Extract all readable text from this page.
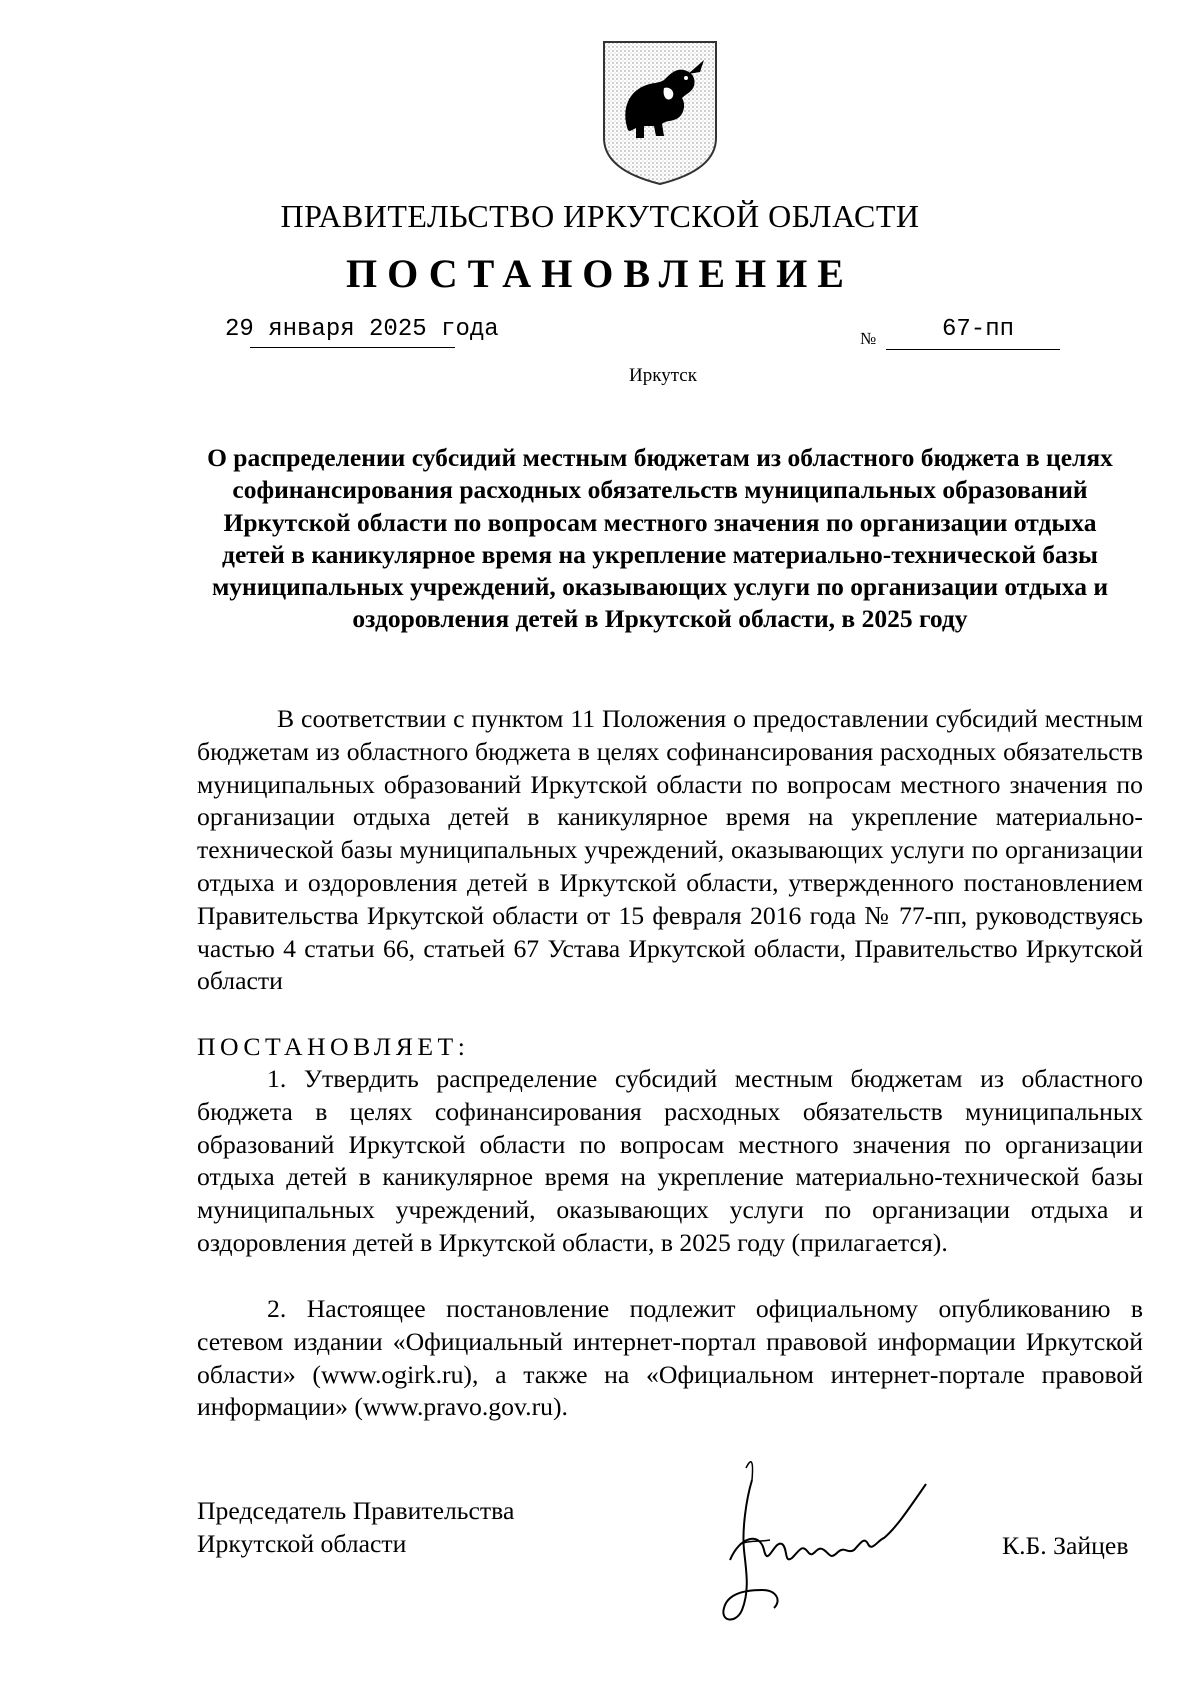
ПРАВИТЕЛЬСТВО ИРКУТСКОЙ ОБЛАСТИ
ПОСТАНОВЛЕНИЕ
29 января 2025 года	№	67-пп
Иркутск

О распределении субсидий местным бюджетам из областного бюджета в целях софинансирования расходных обязательств муниципальных образований Иркутской области по вопросам местного значения по организации отдыха детей в каникулярное время на укрепление материально-технической базы муниципальных учреждений, оказывающих услуги по организации отдыха и оздоровления детей в Иркутской области, в 2025 году

В соответствии с пунктом 11 Положения о предоставлении субсидий местным бюджетам из областного бюджета в целях софинансирования расходных обязательств муниципальных образований Иркутской области по вопросам местного значения по организации отдыха детей в каникулярное время на укрепление материально-технической базы муниципальных учреждений, оказывающих услуги по организации отдыха и оздоровления детей в Иркутской области, утвержденного постановлением Правительства Иркутской области от 15 февраля 2016 года № 77-пп, руководствуясь частью 4 статьи 66, статьей 67 Устава Иркутской области, Правительство Иркутской области

ПОСТАНОВЛЯЕТ:

1. Утвердить распределение субсидий местным бюджетам из областного бюджета в целях софинансирования расходных обязательств муниципальных образований Иркутской области по вопросам местного значения по организации отдыха детей в каникулярное время на укрепление материально-технической базы муниципальных учреждений, оказывающих услуги по организации отдыха и оздоровления детей в Иркутской области, в 2025 году (прилагается).

2. Настоящее постановление подлежит официальному опубликованию в сетевом издании «Официальный интернет-портал правовой информации Иркутской области» (www.ogirk.ru), а также на «Официальном интернет-портале правовой информации» (www.pravo.gov.ru).

Председатель Правительства
Иркутской области	К.Б. Зайцев
